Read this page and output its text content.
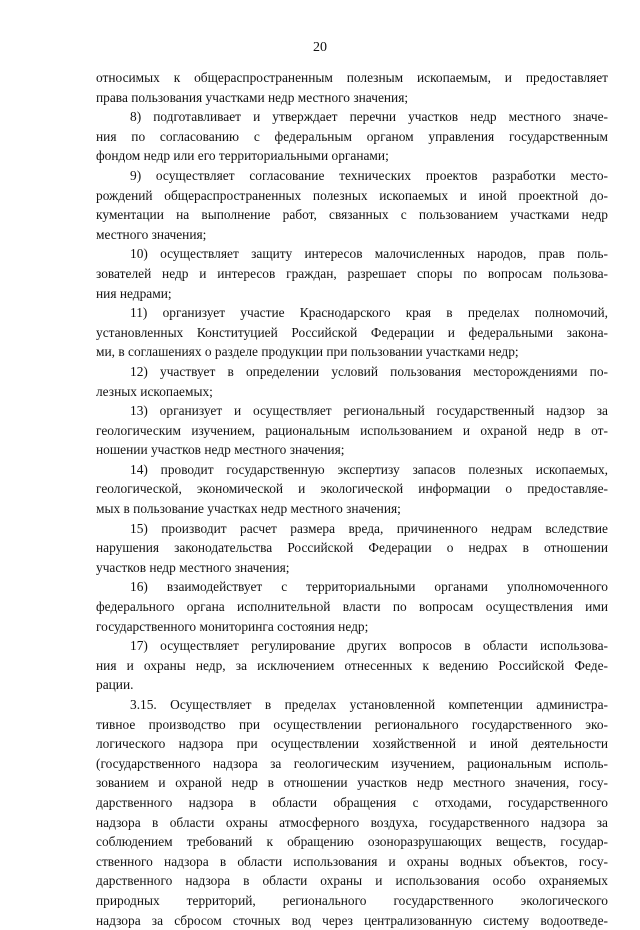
20
относимых к общераспространенным полезным ископаемым, и предоставляет
права пользования участками недр местного значения;
8) подготавливает и утверждает перечни участков недр местного значе-
ния по согласованию с федеральным органом управления государственным
фондом недр или его территориальными органами;
9) осуществляет согласование технических проектов разработки место-
рождений общераспространенных полезных ископаемых и иной проектной до-
кументации на выполнение работ, связанных с пользованием участками недр
местного значения;
10) осуществляет защиту интересов малочисленных народов, прав поль-
зователей недр и интересов граждан, разрешает споры по вопросам пользова-
ния недрами;
11) организует участие Краснодарского края в пределах полномочий,
установленных Конституцией Российской Федерации и федеральными закона-
ми, в соглашениях о разделе продукции при пользовании участками недр;
12) участвует в определении условий пользования месторождениями по-
лезных ископаемых;
13) организует и осуществляет региональный государственный надзор за
геологическим изучением, рациональным использованием и охраной недр в от-
ношении участков недр местного значения;
14) проводит государственную экспертизу запасов полезных ископаемых,
геологической, экономической и экологической информации о предоставляе-
мых в пользование участках недр местного значения;
15) производит расчет размера вреда, причиненного недрам вследствие
нарушения законодательства Российской Федерации о недрах в отношении
участков недр местного значения;
16) взаимодействует с территориальными органами уполномоченного
федерального органа исполнительной власти по вопросам осуществления ими
государственного мониторинга состояния недр;
17) осуществляет регулирование других вопросов в области использова-
ния и охраны недр, за исключением отнесенных к ведению Российской Феде-
рации.
3.15. Осуществляет в пределах установленной компетенции администра-
тивное производство при осуществлении регионального государственного эко-
логического надзора при осуществлении хозяйственной и иной деятельности
(государственного надзора за геологическим изучением, рациональным исполь-
зованием и охраной недр в отношении участков недр местного значения, госу-
дарственного надзора в области обращения с отходами, государственного
надзора в области охраны атмосферного воздуха, государственного надзора за
соблюдением требований к обращению озоноразрушающих веществ, государ-
ственного надзора в области использования и охраны водных объектов, госу-
дарственного надзора в области охраны и использования особо охраняемых
природных территорий, регионального государственного экологического
надзора за сбросом сточных вод через централизованную систему водоотведе-
